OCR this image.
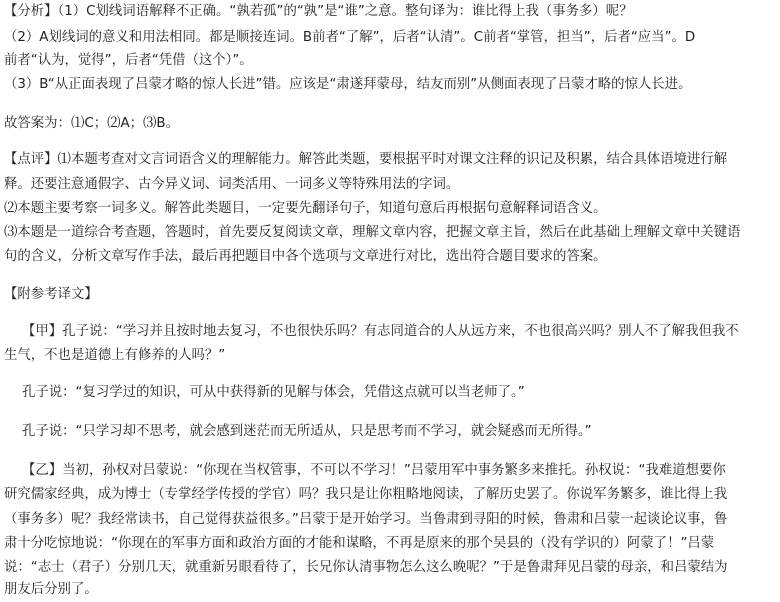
【分析】（1）C划线词语解释不正确。“孰若孤”的“孰”是“谁”之意。整句译为：谁比得上我（事务多）呢？
（2）A划线词的意义和用法相同。都是顺接连词。B前者“了解”，后者“认清”。C前者“掌管，担当”，后者“应当”。D
前者“认为，觉得”，后者“凭借（这个）”。
（3）B“从正面表现了吕蒙才略的惊人长进”错。应该是“肃遂拜蒙母，结友而别”从侧面表现了吕蒙才略的惊人长进。
故答案为：⑴C；⑵A；⑶B。
【点评】⑴本题考查对文言词语含义的理解能力。解答此类题，要根据平时对课文注释的识记及积累，结合具体语境进行解
释。还要注意通假字、古今异义词、词类活用、一词多义等特殊用法的字词。
⑵本题主要考察一词多义。解答此类题目，一定要先翻译句子，知道句意后再根据句意解释词语含义。
⑶本题是一道综合考查题，答题时，首先要反复阅读文章，理解文章内容，把握文章主旨，然后在此基础上理解文章中关键语
句的含义，分析文章写作手法，最后再把题目中各个选项与文章进行对比，选出符合题目要求的答案。
【附参考译文】
【甲】孔子说：“学习并且按时地去复习，不也很快乐吗？有志同道合的人从远方来，不也很高兴吗？别人不了解我但我不
生气，不也是道德上有修养的人吗？”
孔子说：“复习学过的知识，可从中获得新的见解与体会，凭借这点就可以当老师了。”
孔子说：“只学习却不思考，就会感到迷茫而无所适从，只是思考而不学习，就会疑惑而无所得。”
【乙】当初，孙权对吕蒙说：“你现在当权管事，不可以不学习！”吕蒙用军中事务繁多来推托。孙权说：“我难道想要你
研究儒家经典，成为博士（专掌经学传授的学官）吗？我只是让你粗略地阅读，了解历史罢了。你说军务繁多，谁比得上我
（事务多）呢？我经常读书，自己觉得获益很多。”吕蒙于是开始学习。当鲁肃到寻阳的时候，鲁肃和吕蒙一起谈论议事，鲁
肃十分吃惊地说：“你现在的军事方面和政治方面的才能和谋略，不再是原来的那个吴县的（没有学识的）阿蒙了！”吕蒙
说：“志士（君子）分别几天，就重新另眼看待了，长兄你认清事物怎么这么晚呢？”于是鲁肃拜见吕蒙的母亲，和吕蒙结为
朋友后分别了。
